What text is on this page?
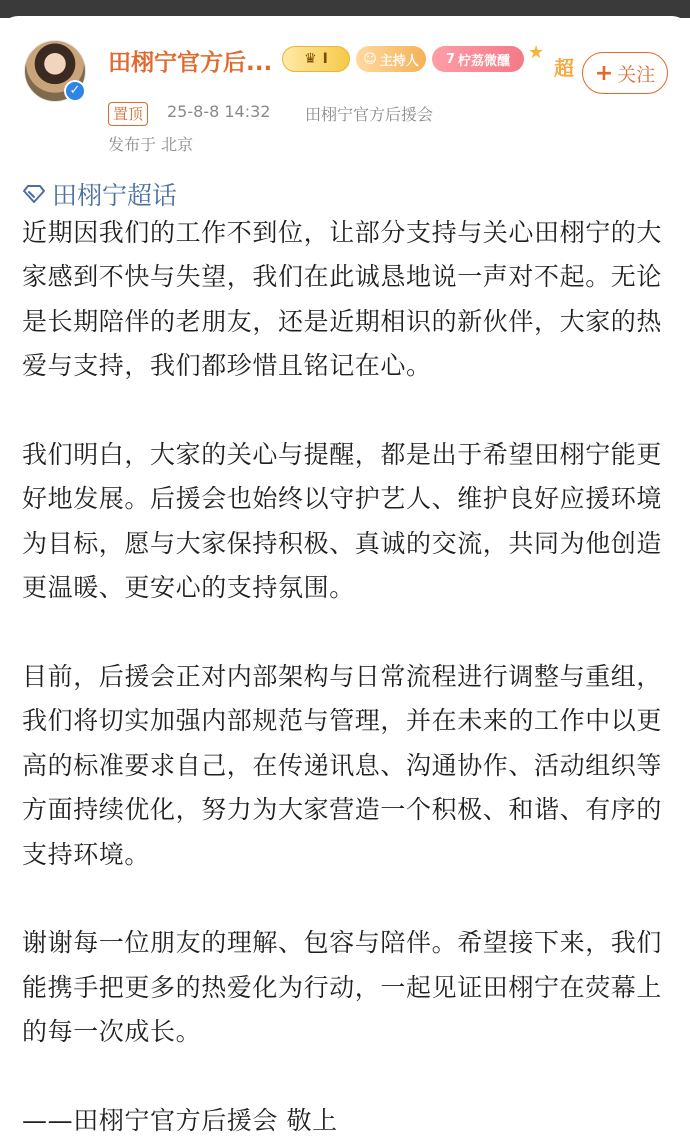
✓
田栩宁官方后... ♛ I	☺ 主持人 7 柠荔微醺 ★
超 + 关注
置顶	25-8-8 14:32 田栩宁官方后援会
发布于 北京
田栩宁超话

近期因我们的工作不到位，让部分支持与关心田栩宁的大家感到不快与失望，我们在此诚恳地说一声对不起。无论是长期陪伴的老朋友，还是近期相识的新伙伴，大家的热爱与支持，我们都珍惜且铭记在心。

我们明白，大家的关心与提醒，都是出于希望田栩宁能更好地发展。后援会也始终以守护艺人、维护良好应援环境为目标，愿与大家保持积极、真诚的交流，共同为他创造更温暖、更安心的支持氛围。

目前，后援会正对内部架构与日常流程进行调整与重组，我们将切实加强内部规范与管理，并在未来的工作中以更高的标准要求自己，在传递讯息、沟通协作、活动组织等方面持续优化，努力为大家营造一个积极、和谐、有序的支持环境。

谢谢每一位朋友的理解、包容与陪伴。希望接下来，我们能携手把更多的热爱化为行动，一起见证田栩宁在荧幕上的每一次成长。

——田栩宁官方后援会 敬上
